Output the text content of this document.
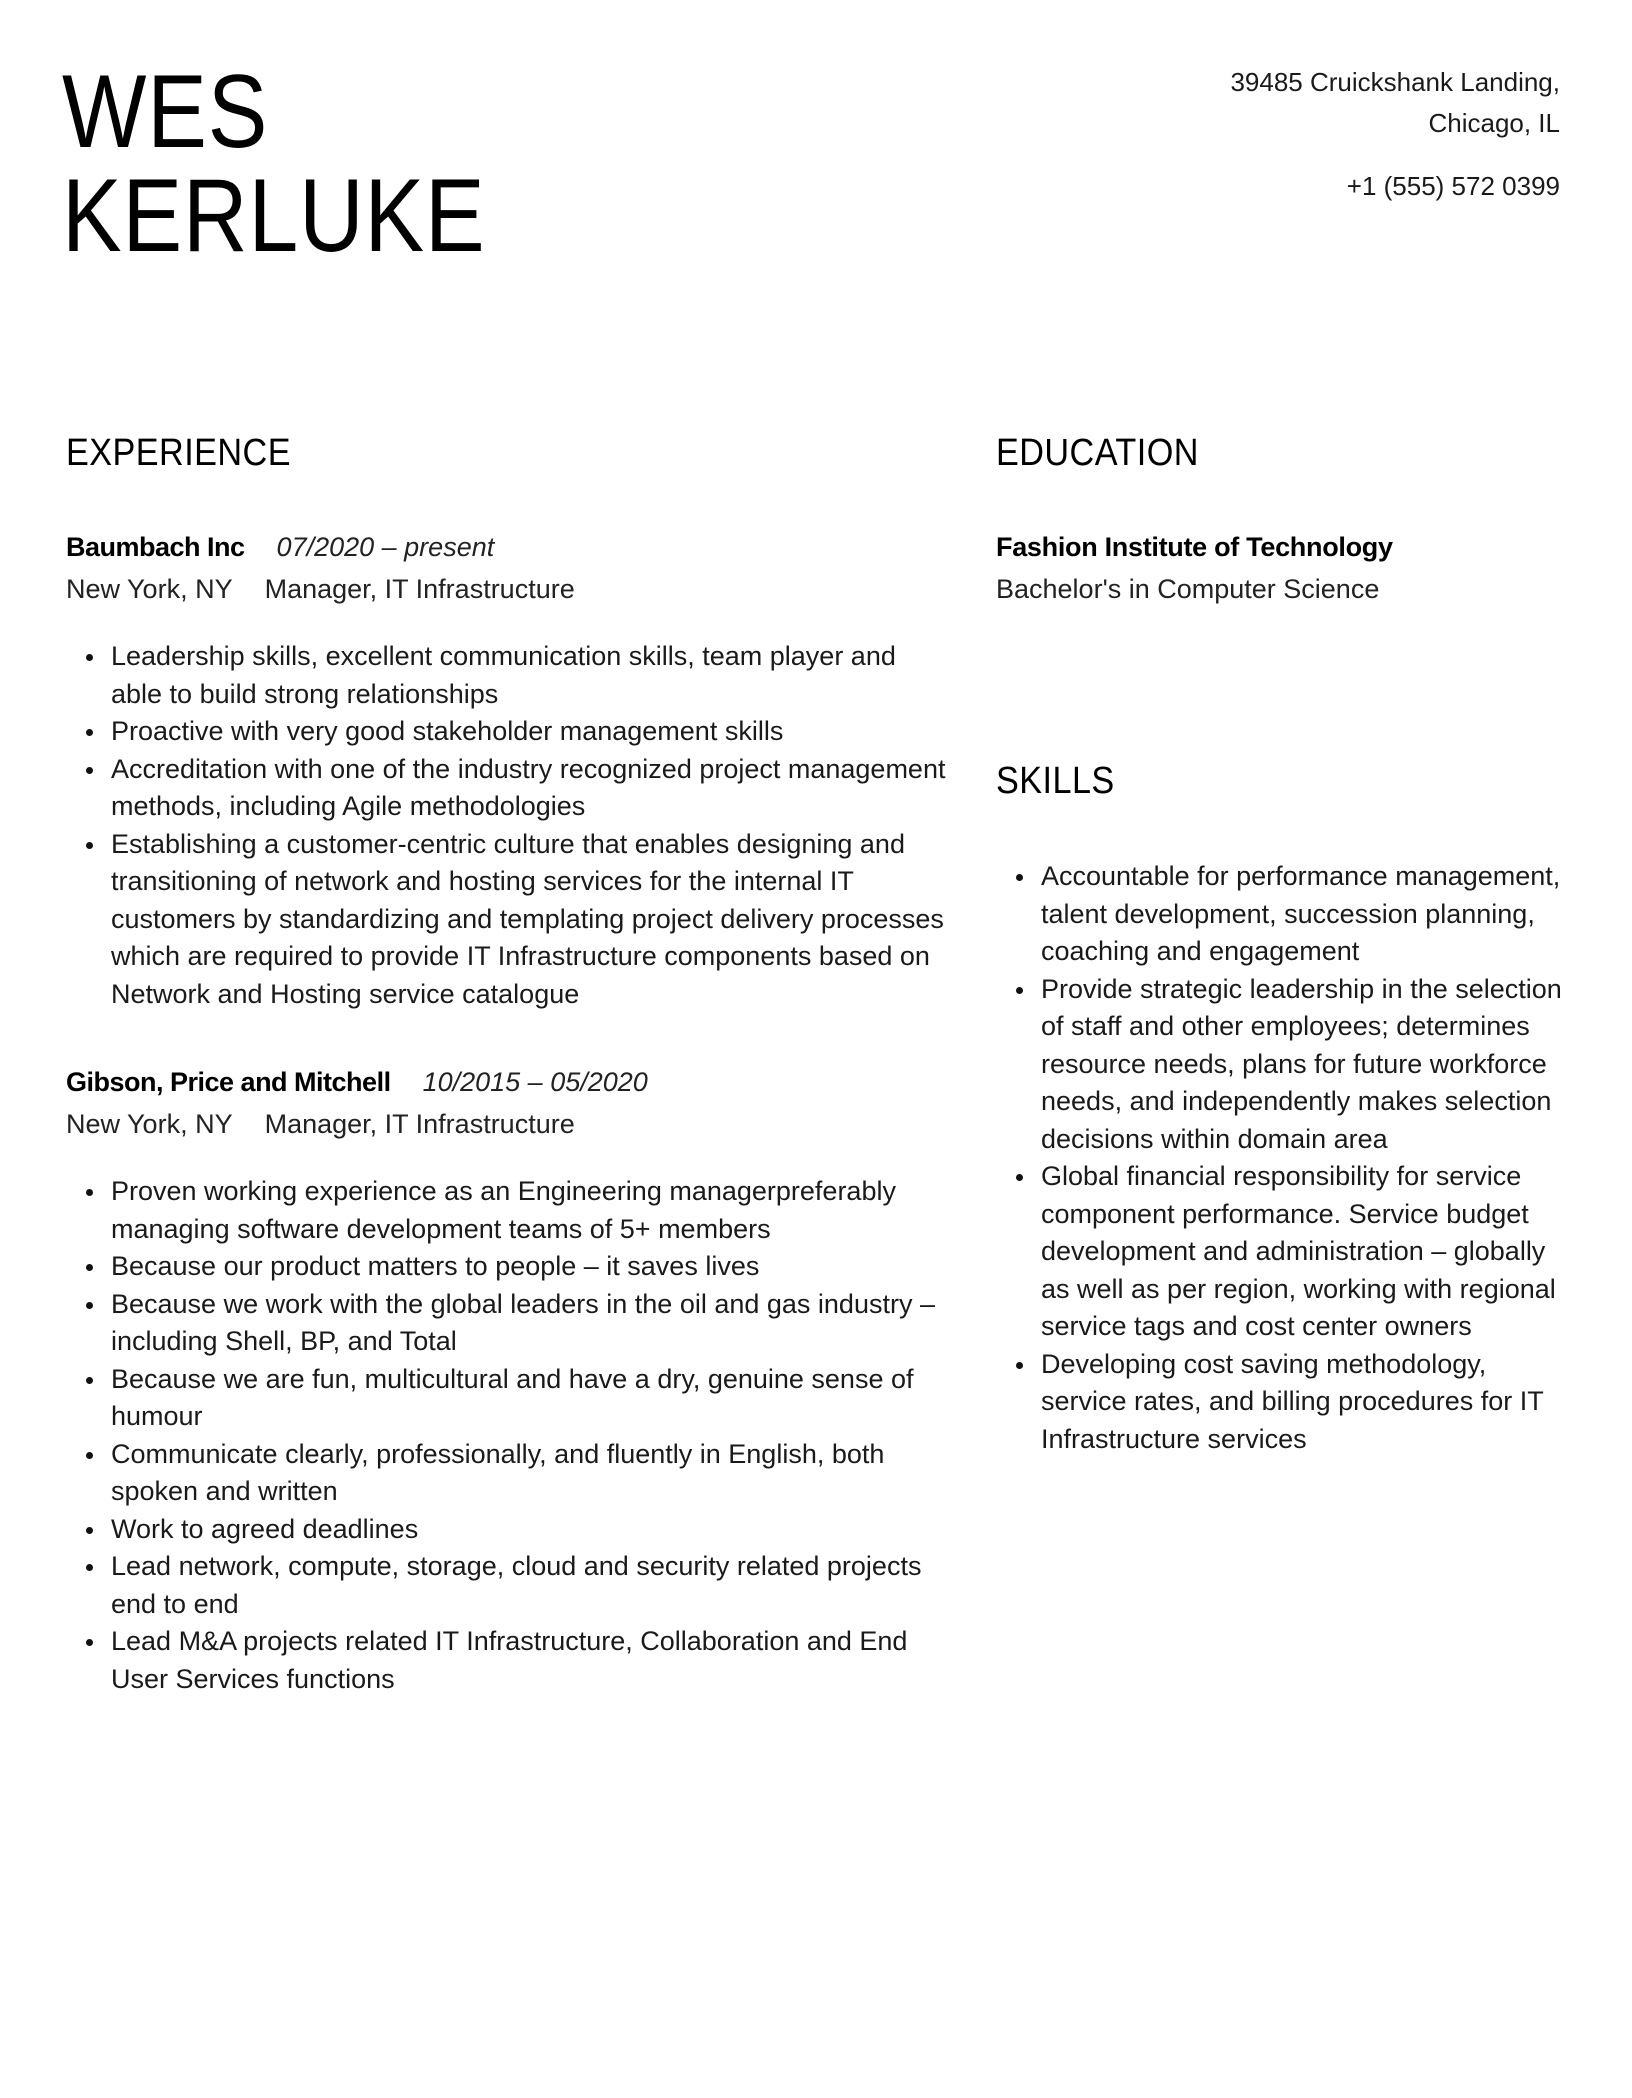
WES
KERLUKE
39485 Cruickshank Landing,
Chicago, IL
+1 (555) 572 0399
EXPERIENCE
Baumbach Inc 07/2020 – present
New York, NY Manager, IT Infrastructure
Leadership skills, excellent communication skills, team player and able to build strong relationships
Proactive with very good stakeholder management skills
Accreditation with one of the industry recognized project management methods, including Agile methodologies
Establishing a customer-centric culture that enables designing and transitioning of network and hosting services for the internal IT customers by standardizing and templating project delivery processes which are required to provide IT Infrastructure components based on Network and Hosting service catalogue
Gibson, Price and Mitchell 10/2015 – 05/2020
New York, NY Manager, IT Infrastructure
Proven working experience as an Engineering managerpreferably managing software development teams of 5+ members
Because our product matters to people – it saves lives
Because we work with the global leaders in the oil and gas industry – including Shell, BP, and Total
Because we are fun, multicultural and have a dry, genuine sense of humour
Communicate clearly, professionally, and fluently in English, both spoken and written
Work to agreed deadlines
Lead network, compute, storage, cloud and security related projects end to end
Lead M&A projects related IT Infrastructure, Collaboration and End User Services functions
EDUCATION
Fashion Institute of Technology
Bachelor's in Computer Science
SKILLS
Accountable for performance management, talent development, succession planning, coaching and engagement
Provide strategic leadership in the selection of staff and other employees; determines resource needs, plans for future workforce needs, and independently makes selection decisions within domain area
Global financial responsibility for service component performance. Service budget development and administration – globally as well as per region, working with regional service tags and cost center owners
Developing cost saving methodology, service rates, and billing procedures for IT Infrastructure services
